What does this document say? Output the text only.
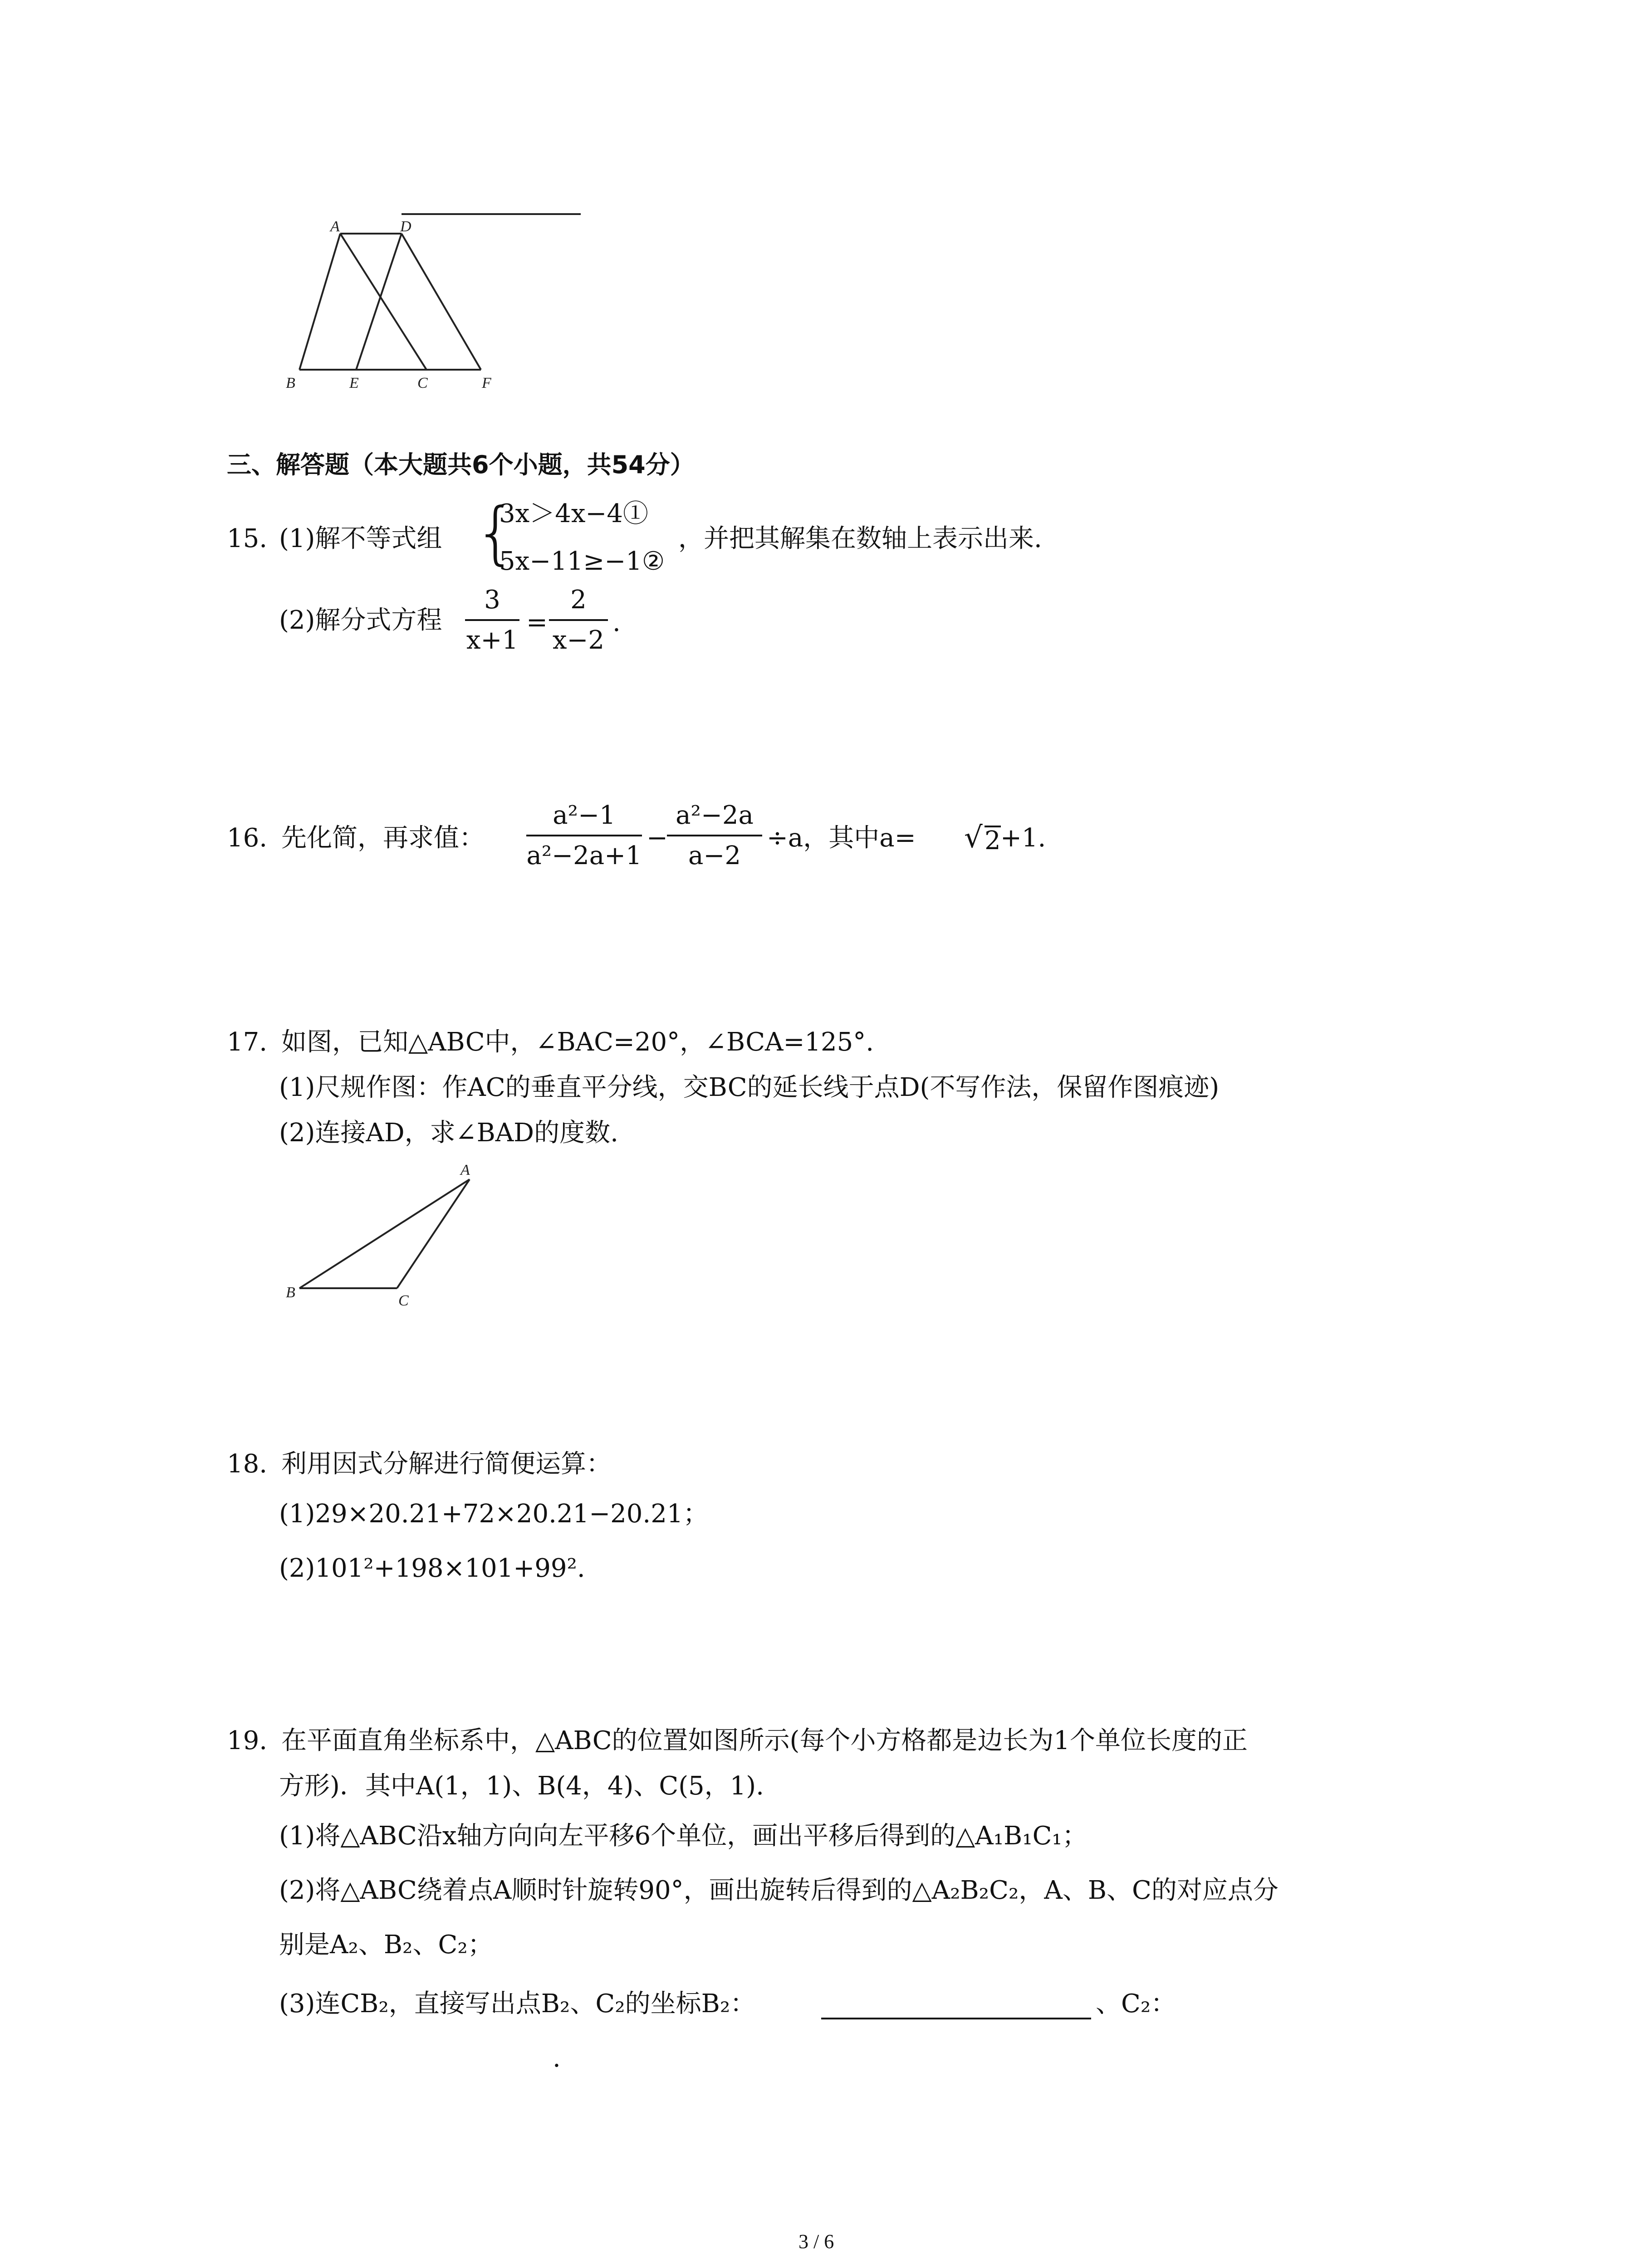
A	D
B	E	C	F
三、解答题（本大题共6个小题，共54分）
15. (1)解不等式组 {
3x＞4x−4①
5x−11≥−1②
，并把其解集在数轴上表示出来.
(2)解分式方程
3
x+1
=
2
x−2
.
16. 先化简，再求值：
a²−1
a²−2a+1
−
a²−2a
a−2
÷a，其中a= √ 2 +1.
17. 如图，已知△ABC中，∠BAC=20°，∠BCA=125°.
(1)尺规作图：作AC的垂直平分线，交BC的延长线于点D(不写作法，保留作图痕迹)
(2)连接AD，求∠BAD的度数.
A
B	C
18. 利用因式分解进行简便运算：
(1)29×20.21+72×20.21−20.21；
(2)101²+198×101+99².
19. 在平面直角坐标系中，△ABC的位置如图所示(每个小方格都是边长为1个单位长度的正
方形)．其中A(1，1)、B(4，4)、C(5，1).
(1)将△ABC沿x轴方向向左平移6个单位，画出平移后得到的△A₁B₁C₁；
(2)将△ABC绕着点A顺时针旋转90°，画出旋转后得到的△A₂B₂C₂，A、B、C的对应点分
别是A₂、B₂、C₂；
(3)连CB₂，直接写出点B₂、C₂的坐标B₂：	、C₂：
.
3 / 6
